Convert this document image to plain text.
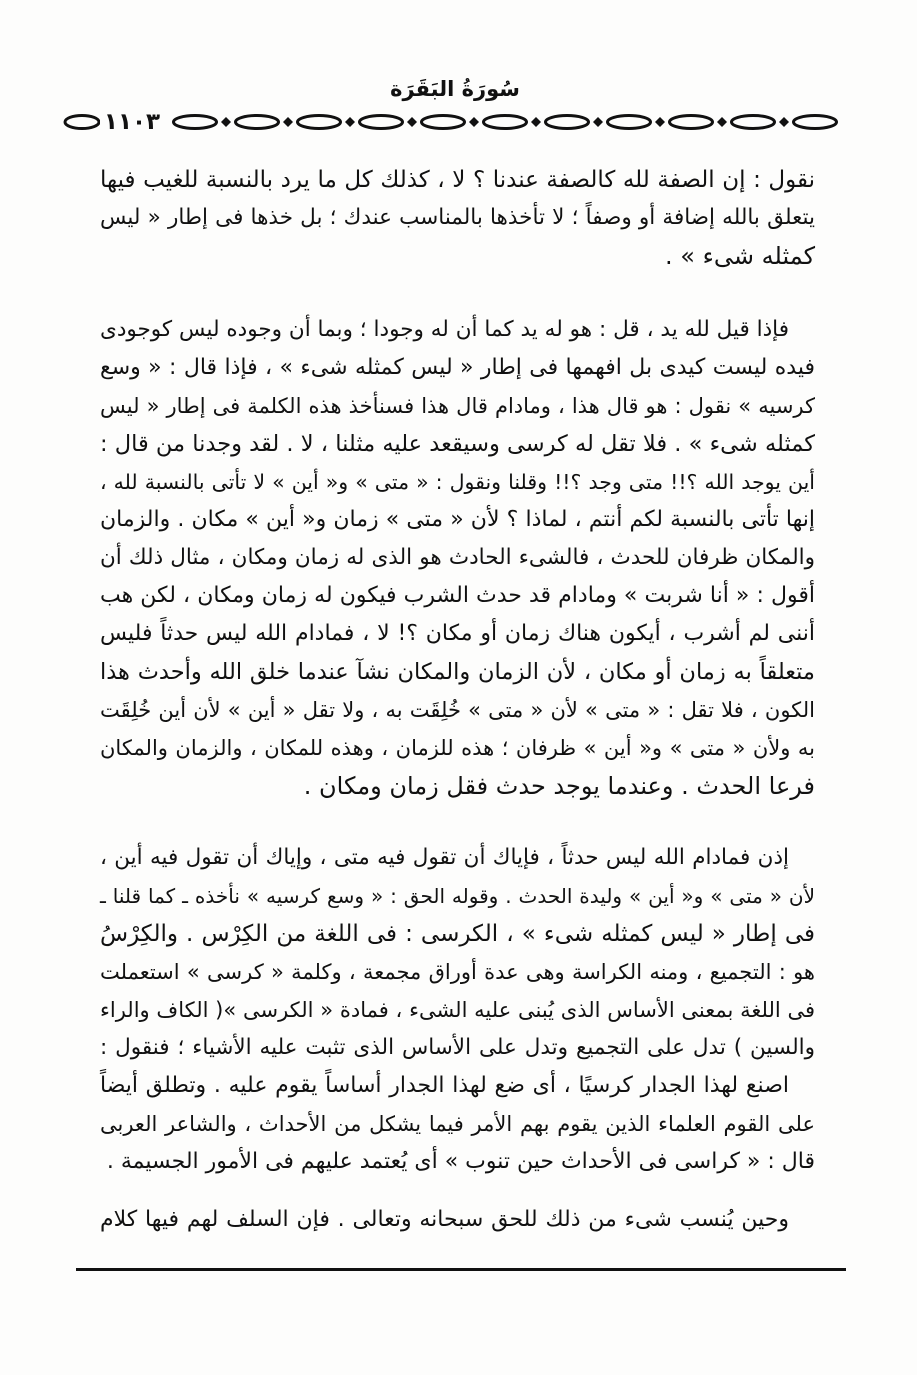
سُورَةُ البَقَرَة
١١٠٣
نقول : إن الصفة لله كالصفة عندنا ؟ لا ، كذلك كل ما يرد بالنسبة للغيب فيها
يتعلق بالله إضافة أو وصفاً ؛ لا تأخذها بالمناسب عندك ؛ بل خذها فى إطار « ليس
كمثله شىء » .
فإذا قيل لله يد ، قل : هو له يد كما أن له وجودا ؛ وبما أن وجوده ليس كوجودى
فيده ليست كيدى بل افهمها فى إطار « ليس كمثله شىء » ، فإذا قال : « وسع
كرسيه » نقول : هو قال هذا ، ومادام قال هذا فسنأخذ هذه الكلمة فى إطار « ليس
كمثله شىء » . فلا تقل له كرسى وسيقعد عليه مثلنا ، لا . لقد وجدنا من قال :
أين يوجد الله ؟!! متى وجد ؟!! وقلنا ونقول : « متى » و« أين » لا تأتى بالنسبة لله ،
إنها تأتى بالنسبة لكم أنتم ، لماذا ؟ لأن « متى » زمان و« أين » مكان . والزمان
والمكان ظرفان للحدث ، فالشىء الحادث هو الذى له زمان ومكان ، مثال ذلك أن
أقول : « أنا شربت » ومادام قد حدث الشرب فيكون له زمان ومكان ، لكن هب
أننى لم أشرب ، أيكون هناك زمان أو مكان ؟! لا ، فمادام الله ليس حدثاً فليس
متعلقاً به زمان أو مكان ، لأن الزمان والمكان نشآ عندما خلق الله وأحدث هذا
الكون ، فلا تقل : « متى » لأن « متى » خُلِقَت به ، ولا تقل « أين » لأن أين خُلِقَت
به ولأن « متى » و« أين » ظرفان ؛ هذه للزمان ، وهذه للمكان ، والزمان والمكان
فرعا الحدث . وعندما يوجد حدث فقل زمان ومكان .
إذن فمادام الله ليس حدثاً ، فإياك أن تقول فيه متى ، وإياك أن تقول فيه أين ،
لأن « متى » و« أين » وليدة الحدث . وقوله الحق : « وسع كرسيه » نأخذه ـ كما قلنا ـ
فى إطار « ليس كمثله شىء » ، الكرسى : فى اللغة من الكِرْس . والكِرْسُ
هو : التجميع ، ومنه الكراسة وهى عدة أوراق مجمعة ، وكلمة « كرسى » استعملت
فى اللغة بمعنى الأساس الذى يُبنى عليه الشىء ، فمادة « الكرسى »( الكاف والراء
والسين ) تدل على التجميع وتدل على الأساس الذى تثبت عليه الأشياء ؛ فنقول :
اصنع لهذا الجدار كرسيًا ، أى ضع لهذا الجدار أساساً يقوم عليه . وتطلق أيضاً
على القوم العلماء الذين يقوم بهم الأمر فيما يشكل من الأحداث ، والشاعر العربى
قال : « كراسى فى الأحداث حين تنوب » أى يُعتمد عليهم فى الأمور الجسيمة .
وحين يُنسب شىء من ذلك للحق سبحانه وتعالى . فإن السلف لهم فيها كلام
